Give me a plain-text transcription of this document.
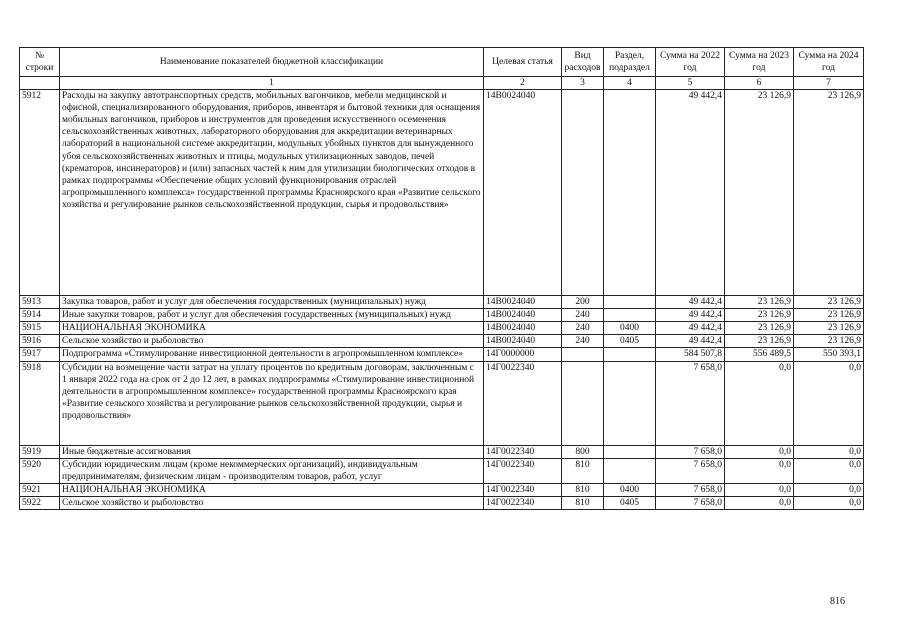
№ строки	Наименование показателей бюджетной классификации	Целевая статья	Вид расходов	Раздел, подраздел	Сумма на 2022 год	Сумма на 2023 год	Сумма на 2024 год
	1	2	3	4	5	6	7
5912	Расходы на закупку автотранспортных средств, мобильных вагончиков, мебели медицинской и офисной, специализированного оборудования, приборов, инвентаря и бытовой техники для оснащения мобильных вагончиков, приборов и инструментов для проведения искусственного осеменения сельскохозяйственных животных, лабораторного оборудования для аккредитации ветеринарных лабораторий в национальной системе аккредитации, модульных убойных пунктов для вынужденного убоя сельскохозяйственных животных и птицы, модульных утилизационных заводов, печей (крематоров, инсинераторов) и (или) запасных частей к ним для утилизации биологических отходов в рамках подпрограммы «Обеспечение общих условий функционирования отраслей агропромышленного комплекса» государственной программы Красноярского края «Развитие сельского хозяйства и регулирование рынков сельскохозяйственной продукции, сырья и продовольствия»	14В0024040			49 442,4	23 126,9	23 126,9
5913	Закупка товаров, работ и услуг для обеспечения государственных (муниципальных) нужд	14В0024040	200		49 442,4	23 126,9	23 126,9
5914	Иные закупки товаров, работ и услуг для обеспечения государственных (муниципальных) нужд	14В0024040	240		49 442,4	23 126,9	23 126,9
5915	НАЦИОНАЛЬНАЯ ЭКОНОМИКА	14В0024040	240	0400	49 442,4	23 126,9	23 126,9
5916	Сельское хозяйство и рыболовство	14В0024040	240	0405	49 442,4	23 126,9	23 126,9
5917	Подпрограмма «Стимулирование инвестиционной деятельности в агропромышленном комплексе»	14Г0000000			584 507,8	556 489,5	550 393,1
5918	Субсидии на возмещение части затрат на уплату процентов по кредитным договорам, заключенным с 1 января 2022 года на срок от 2 до 12 лет, в рамках подпрограммы «Стимулирование инвестиционной деятельности в агропромышленном комплексе» государственной программы Красноярского края «Развитие сельского хозяйства и регулирование рынков сельскохозяйственной продукции, сырья и продовольствия»	14Г0022340			7 658,0	0,0	0,0
5919	Иные бюджетные ассигнования	14Г0022340	800		7 658,0	0,0	0,0
5920	Субсидии юридическим лицам (кроме некоммерческих организаций), индивидуальным предпринимателям, физическим лицам - производителям товаров, работ, услуг	14Г0022340	810		7 658,0	0,0	0,0
5921	НАЦИОНАЛЬНАЯ ЭКОНОМИКА	14Г0022340	810	0400	7 658,0	0,0	0,0
5922	Сельское хозяйство и рыболовство	14Г0022340	810	0405	7 658,0	0,0	0,0
816
